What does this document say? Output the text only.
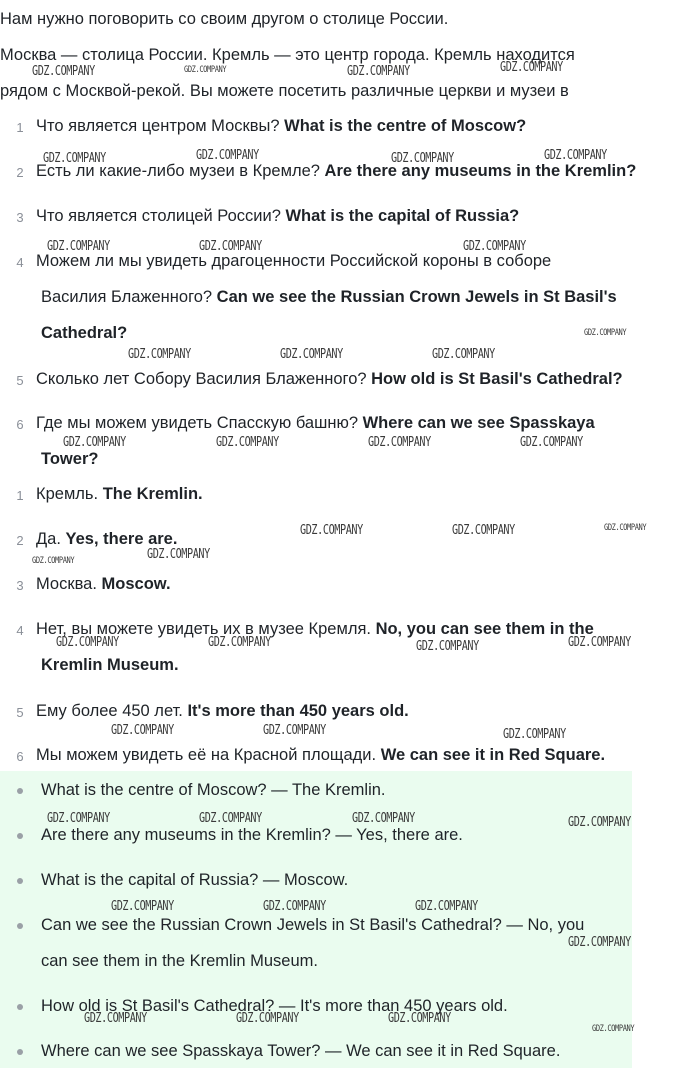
Нам нужно поговорить со своим другом о столице России.
Москва — столица России. Кремль — это центр города. Кремль находится
рядом с Москвой-рекой. Вы можете посетить различные церкви и музеи в
1 Что является центром Москвы? What is the centre of Moscow?
2 Есть ли какие-либо музеи в Кремле? Are there any museums in the Kremlin?
3 Что является столицей России? What is the capital of Russia?
4 Можем ли мы увидеть драгоценности Российской короны в соборе
Василия Блаженного? Can we see the Russian Crown Jewels in St Basil's
Cathedral?
5 Сколько лет Собору Василия Блаженного? How old is St Basil's Cathedral?
6 Где мы можем увидеть Спасскую башню? Where can we see Spasskaya
Tower?
1 Кремль. The Kremlin.
2 Да. Yes, there are.
3 Москва. Moscow.
4 Нет, вы можете увидеть их в музее Кремля. No, you can see them in the
Kremlin Museum.
5 Ему более 450 лет. It's more than 450 years old.
6 Мы можем увидеть её на Красной площади. We can see it in Red Square.
What is the centre of Moscow? — The Kremlin.
Are there any museums in the Kremlin? — Yes, there are.
What is the capital of Russia? — Moscow.
Can we see the Russian Crown Jewels in St Basil's Cathedral? — No, you
can see them in the Kremlin Museum.
How old is St Basil's Cathedral? — It's more than 450 years old.
Where can we see Spasskaya Tower? — We can see it in Red Square.
GDZ.COMPANY	GDZ.COMPANY	GDZ.COMPANY	GDZ.COMPANY
GDZ.COMPANY	GDZ.COMPANY	GDZ.COMPANY	GDZ.COMPANY
GDZ.COMPANY	GDZ.COMPANY	GDZ.COMPANY
GDZ.COMPANY
GDZ.COMPANY	GDZ.COMPANY	GDZ.COMPANY
GDZ.COMPANY	GDZ.COMPANY	GDZ.COMPANY	GDZ.COMPANY
GDZ.COMPANY	GDZ.COMPANY	GDZ.COMPANY
GDZ.COMPANY	GDZ.COMPANY
GDZ.COMPANY	GDZ.COMPANY	GDZ.COMPANY	GDZ.COMPANY
GDZ.COMPANY	GDZ.COMPANY	GDZ.COMPANY
GDZ.COMPANY	GDZ.COMPANY	GDZ.COMPANY	GDZ.COMPANY
GDZ.COMPANY	GDZ.COMPANY	GDZ.COMPANY
GDZ.COMPANY
GDZ.COMPANY	GDZ.COMPANY	GDZ.COMPANY
GDZ.COMPANY
